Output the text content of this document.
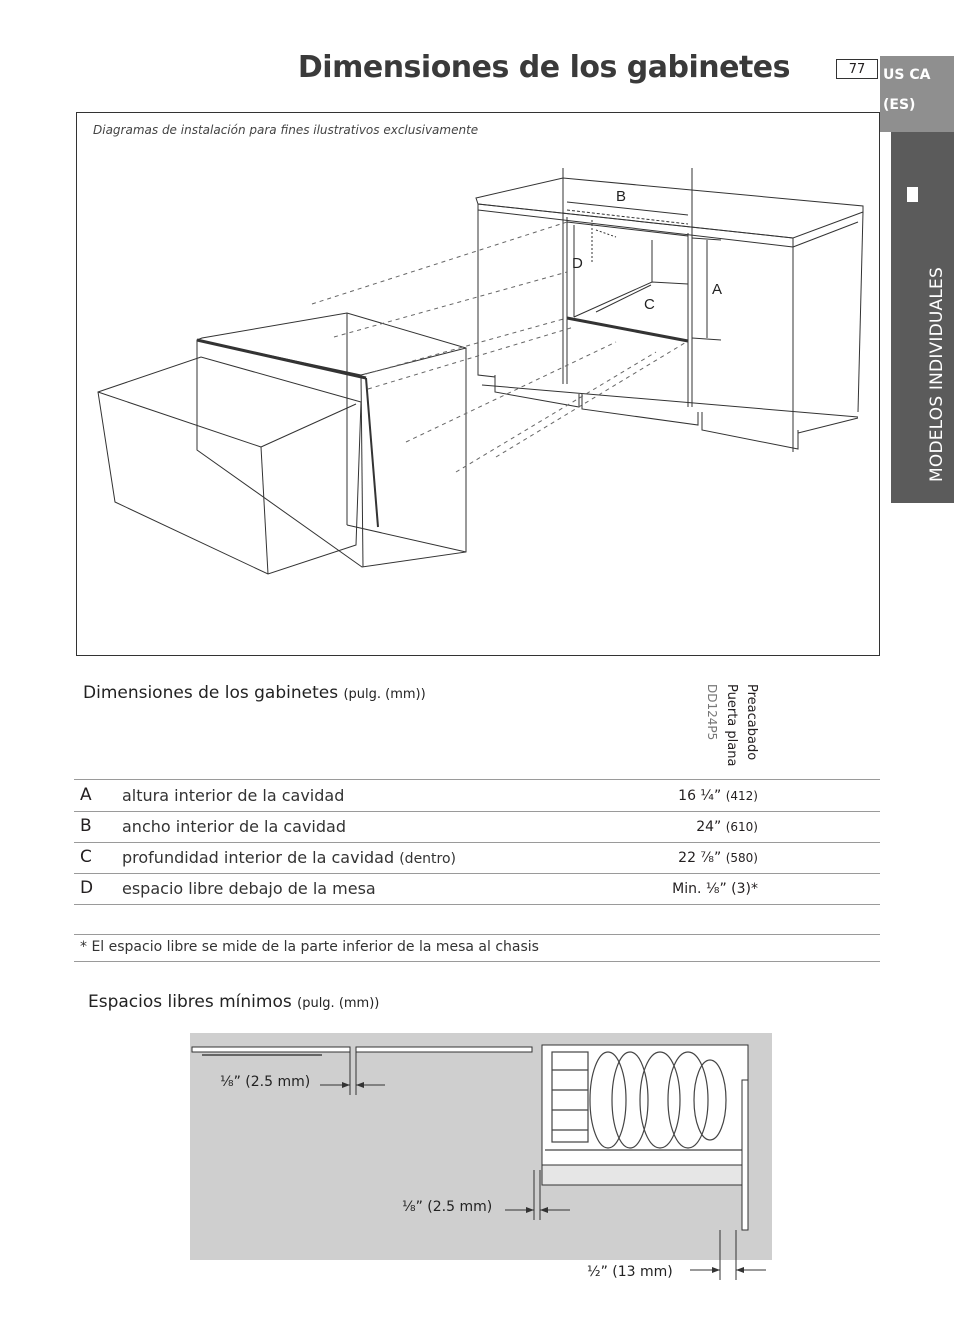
Dimensiones de los gabinetes	77	US CA
(ES)
MODELOS INDIVIDUALES
Diagramas de instalación para fines ilustrativos exclusivamente
B
D
A
C
Dimensiones de los gabinetes (pulg. (mm))	Preacabado
Puerta plana
DD124P5
A altura interior de la cavidad	16 ¼” (412)
B ancho interior de la cavidad	24” (610)
C profundidad interior de la cavidad (dentro)	22 ⅞” (580)
D espacio libre debajo de la mesa	Min. ⅛” (3)*
* El espacio libre se mide de la parte inferior de la mesa al chasis
Espacios libres mínimos (pulg. (mm))
⅛” (2.5 mm)
⅛” (2.5 mm)
½” (13 mm)
